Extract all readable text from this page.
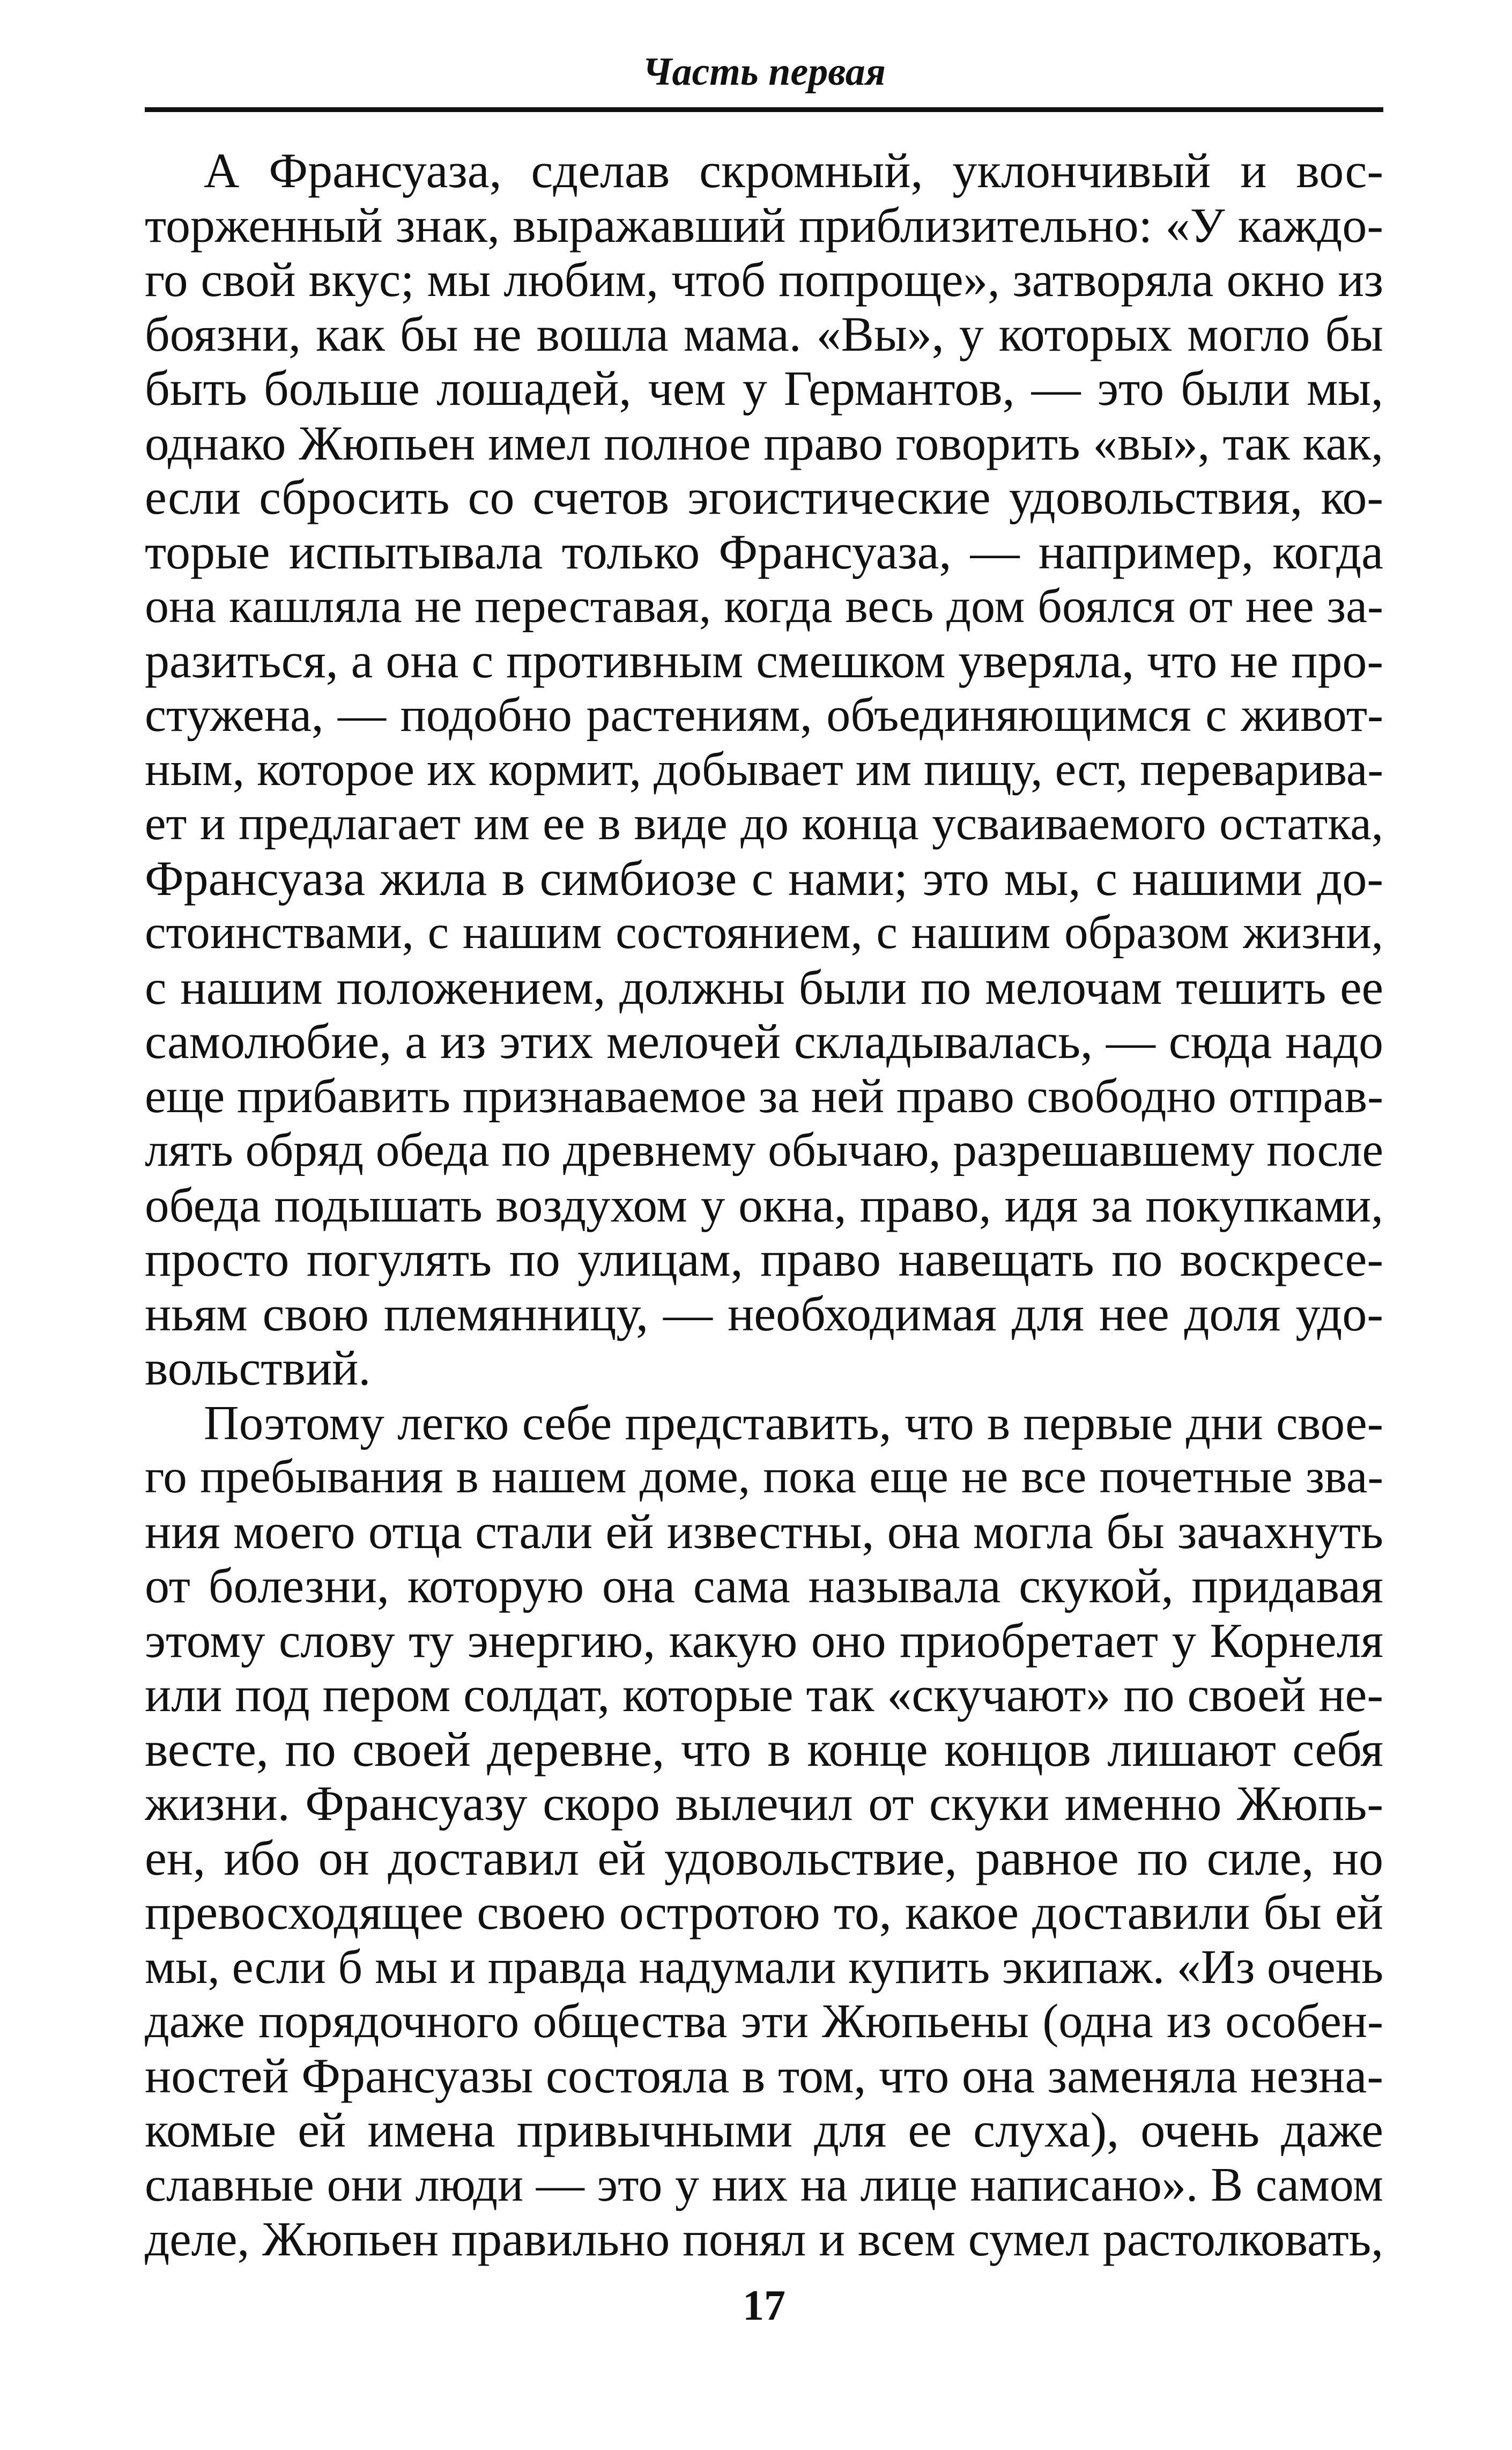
Часть первая
А Франсуаза, сделав скромный, уклончивый и вос-
торженный знак, выражавший приблизительно: «У каждо-
го свой вкус; мы любим, чтоб попроще», затворяла окно из
боязни, как бы не вошла мама. «Вы», у которых могло бы
быть больше лошадей, чем у Германтов, — это были мы,
однако Жюпьен имел полное право говорить «вы», так как,
если сбросить со счетов эгоистические удовольствия, ко-
торые испытывала только Франсуаза, — например, когда
она кашляла не переставая, когда весь дом боялся от нее за-
разиться, а она с противным смешком уверяла, что не про-
стужена, — подобно растениям, объединяющимся с живот-
ным, которое их кормит, добывает им пищу, ест, переварива-
ет и предлагает им ее в виде до конца усваиваемого остатка,
Франсуаза жила в симбиозе с нами; это мы, с нашими до-
стоинствами, с нашим состоянием, с нашим образом жизни,
с нашим положением, должны были по мелочам тешить ее
самолюбие, а из этих мелочей складывалась, — сюда надо
еще прибавить признаваемое за ней право свободно отправ-
лять обряд обеда по древнему обычаю, разрешавшему после
обеда подышать воздухом у окна, право, идя за покупками,
просто погулять по улицам, право навещать по воскресе-
ньям свою племянницу, — необходимая для нее доля удо-
вольствий.
Поэтому легко себе представить, что в первые дни свое-
го пребывания в нашем доме, пока еще не все почетные зва-
ния моего отца стали ей известны, она могла бы зачахнуть
от болезни, которую она сама называла скукой, придавая
этому слову ту энергию, какую оно приобретает у Корнеля
или под пером солдат, которые так «скучают» по своей не-
весте, по своей деревне, что в конце концов лишают себя
жизни. Франсуазу скоро вылечил от скуки именно Жюпь-
ен, ибо он доставил ей удовольствие, равное по силе, но
превосходящее своею остротою то, какое доставили бы ей
мы, если б мы и правда надумали купить экипаж. «Из очень
даже порядочного общества эти Жюпьены (одна из особен-
ностей Франсуазы состояла в том, что она заменяла незна-
комые ей имена привычными для ее слуха), очень даже
славные они люди — это у них на лице написано». В самом
деле, Жюпьен правильно понял и всем сумел растолковать,
17
